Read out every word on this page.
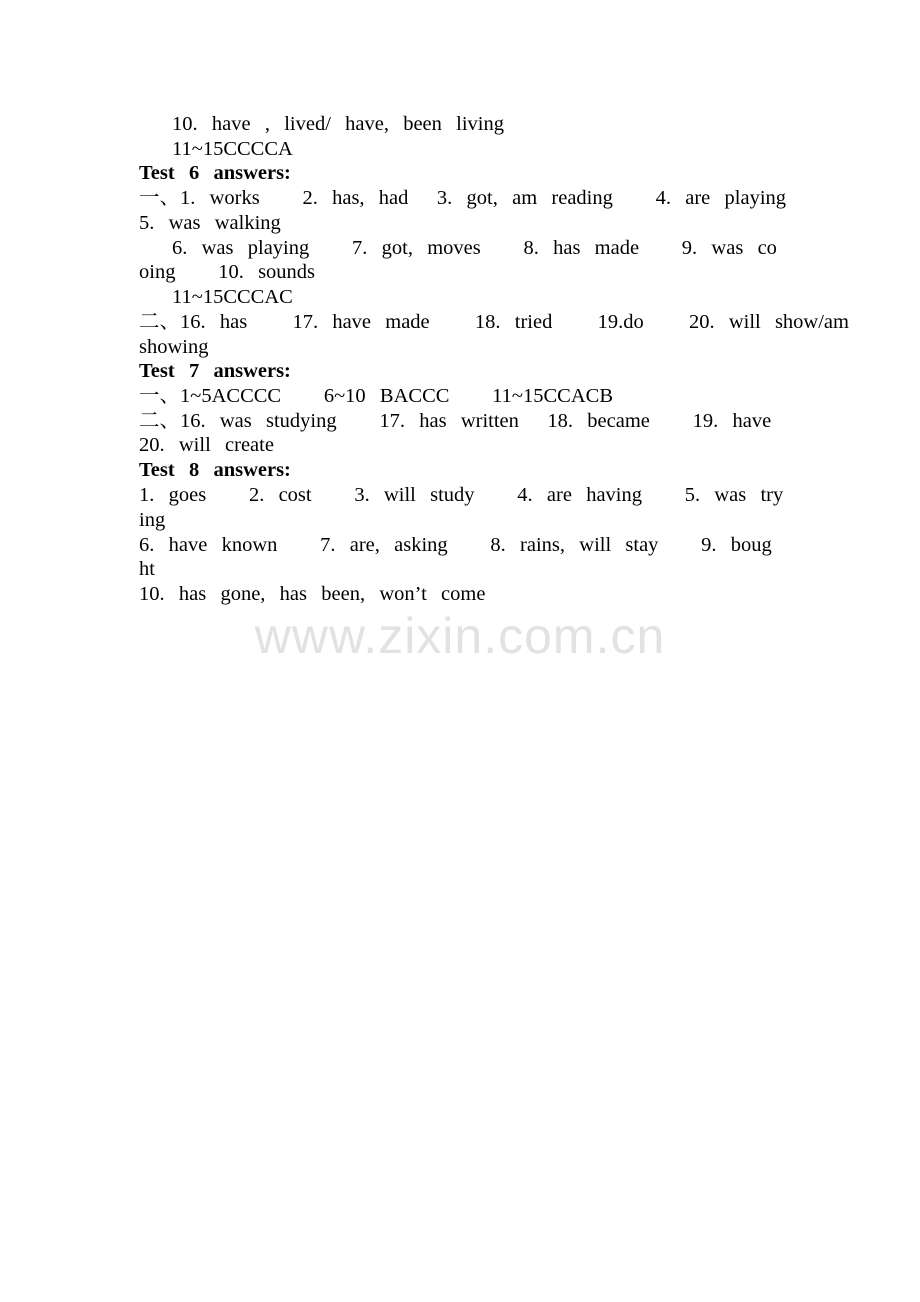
10.  have  ,  lived/  have,  been  living
11~15CCCCA
Test  6  answers:
一、1.  works      2.  has,  had    3.  got,  am  reading      4.  are  playing
5.  was  walking
6.  was  playing      7.  got,  moves      8.  has  made      9.  was  co
oing      10.  sounds
11~15CCCAC
二、16.  has 17.  have  made 18.  tried 19.do 20.  will  show/am
showing
Test  7  answers:
一、1~5ACCCC      6~10  BACCC      11~15CCACB
二、16.  was  studying      17.  has  written    18.  became      19.  have
20.  will  create
Test  8  answers:
1.  goes      2.  cost      3.  will  study      4.  are  having      5.  was  try
ing
6.  have  known      7.  are,  asking      8.  rains,  will  stay      9.  boug
ht
10.  has  gone,  has  been,  won’t  come
www.zixin.com.cn
